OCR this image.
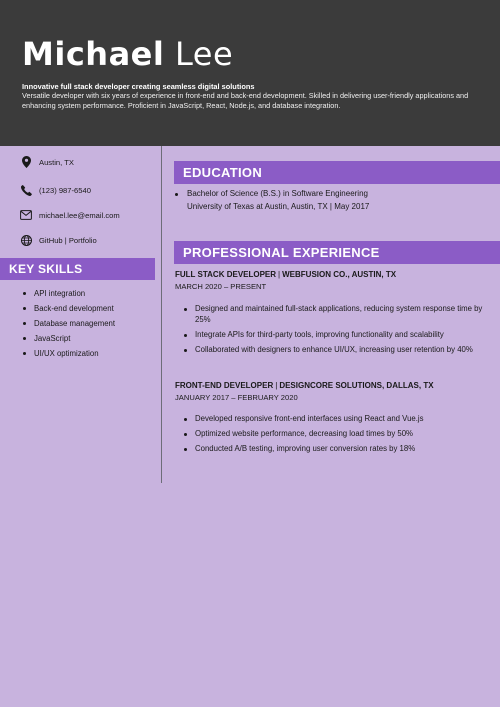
Michael Lee
Innovative full stack developer creating seamless digital solutions
Versatile developer with six years of experience in front-end and back-end development. Skilled in delivering user-friendly applications and enhancing system performance. Proficient in JavaScript, React, Node.js, and database integration.
Austin, TX
(123) 987-6540
michael.lee@email.com
GitHub | Portfolio
KEY SKILLS
API integration
Back-end development
Database management
JavaScript
UI/UX optimization
EDUCATION
Bachelor of Science (B.S.) in Software Engineering
University of Texas at Austin, Austin, TX | May 2017
PROFESSIONAL EXPERIENCE
FULL STACK DEVELOPER | WEBFUSION CO., AUSTIN, TX
MARCH 2020 – PRESENT
Designed and maintained full-stack applications, reducing system response time by 25%
Integrate APIs for third-party tools, improving functionality and scalability
Collaborated with designers to enhance UI/UX, increasing user retention by 40%
FRONT-END DEVELOPER | DESIGNCORE SOLUTIONS, DALLAS, TX
JANUARY 2017 – FEBRUARY 2020
Developed responsive front-end interfaces using React and Vue.js
Optimized website performance, decreasing load times by 50%
Conducted A/B testing, improving user conversion rates by 18%
